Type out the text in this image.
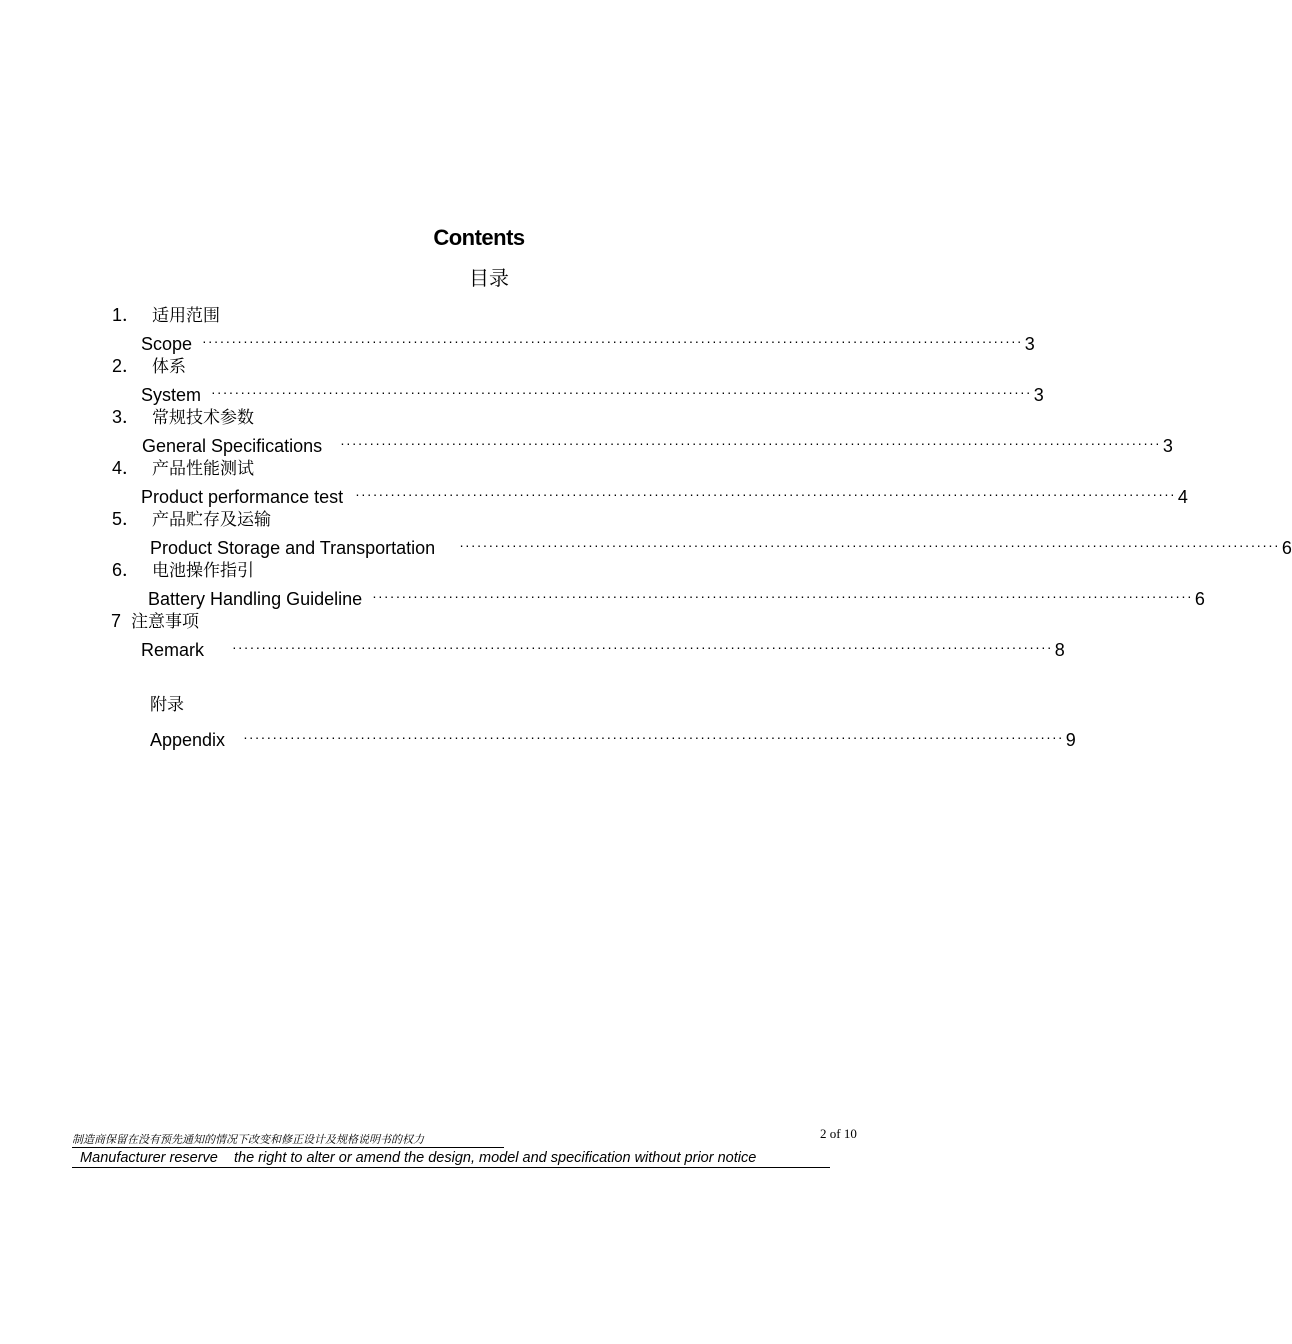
Contents
目录
1． 适用范围
Scope ············································································································································ 3
2． 体系
System ············································································································································ 3
3． 常规技术参数
General Specifications ············································································································································ 3
4． 产品性能测试
Product performance test ············································································································································ 4
5． 产品贮存及运输
Product Storage and Transportation ············································································································································ 6
6． 电池操作指引
Battery Handling Guideline ············································································································································ 6
7 注意事项
Remark ············································································································································ 8
附录
Appendix ············································································································································ 9
2 of 10
制造商保留在没有预先通知的情况下改变和修正设计及规格说明书的权力
Manufacturer reserve    the right to alter or amend the design, model and specification without prior notice
